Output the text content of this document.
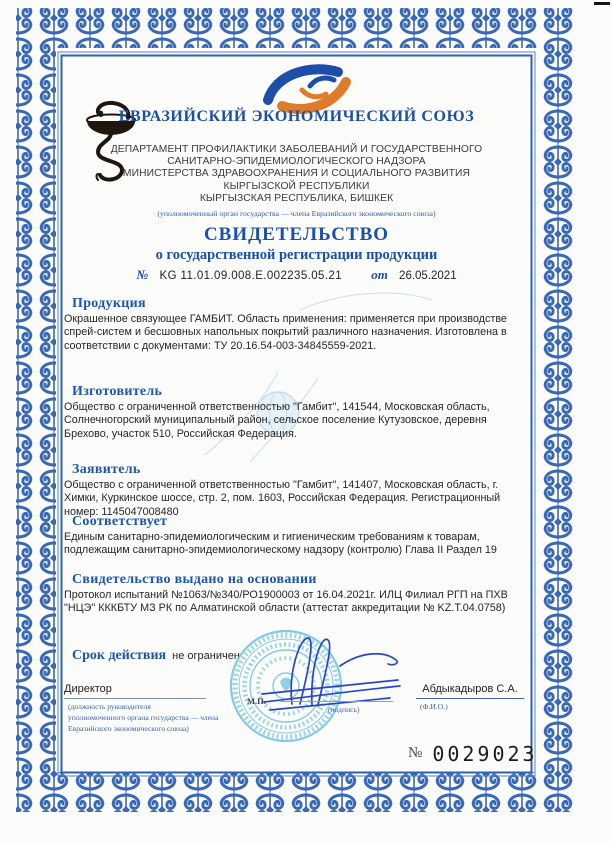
ЕВРАЗИЙСКИЙ ЭКОНОМИЧЕСКИЙ СОЮЗ
ДЕПАРТАМЕНТ ПРОФИЛАКТИКИ ЗАБОЛЕВАНИЙ И ГОСУДАРСТВЕННОГО
САНИТАРНО-ЭПИДЕМИОЛОГИЧЕСКОГО НАДЗОРА
МИНИСТЕРСТВА ЗДРАВООХРАНЕНИЯ И СОЦИАЛЬНОГО РАЗВИТИЯ
КЫРГЫЗСКОЙ РЕСПУБЛИКИ
КЫРГЫЗСКАЯ РЕСПУБЛИКА, БИШКЕК
(уполномоченный орган государства — члена Евразийского экономического союза)
СВИДЕТЕЛЬСТВО
о государственной регистрации продукции
№ KG 11.01.09.008.E.002235.05.21 от 26.05.2021
Продукция
Окрашенное связующее ГАМБИТ. Область применения: применяется при производстве спрей-систем и бесшовных напольных покрытий различного назначения. Изготовлена в соответствии с документами: ТУ 20.16.54-003-34845559-2021.
Изготовитель
Общество с ограниченной ответственностью "Гамбит", 141544, Московская область, Солнечногорский муниципальный район, сельское поселение Кутузовское, деревня Брехово, участок 510, Российская Федерация.
Заявитель
Общество с ограниченной ответственностью "Гамбит", 141407, Московская область, г. Химки, Куркинское шоссе, стр. 2, пом. 1603, Российская Федерация. Регистрационный номер: 1145047008480
Соответствует
Единым санитарно-эпидемиологическим и гигиеническим требованиям к товарам, подлежащим санитарно-эпидемиологическому надзору (контролю) Глава II Раздел 19
Свидетельство выдано на основании
Протокол испытаний №1063/№340/РО1900003 от 16.04.2021г. ИЛЦ Филиал РГП на ПХВ "НЦЭ" КККБТУ МЗ РК по Алматинской области (аттестат аккредитации № KZ.Т.04.0758)
Срок действия не ограничен
Директор
(должность руководителя
уполномоченного органа государства — члена
Евразийского экономического союза)
М.П.
(подпись)
Абдыкадыров С.А.
(Ф.И.О.)
№ 0029023
